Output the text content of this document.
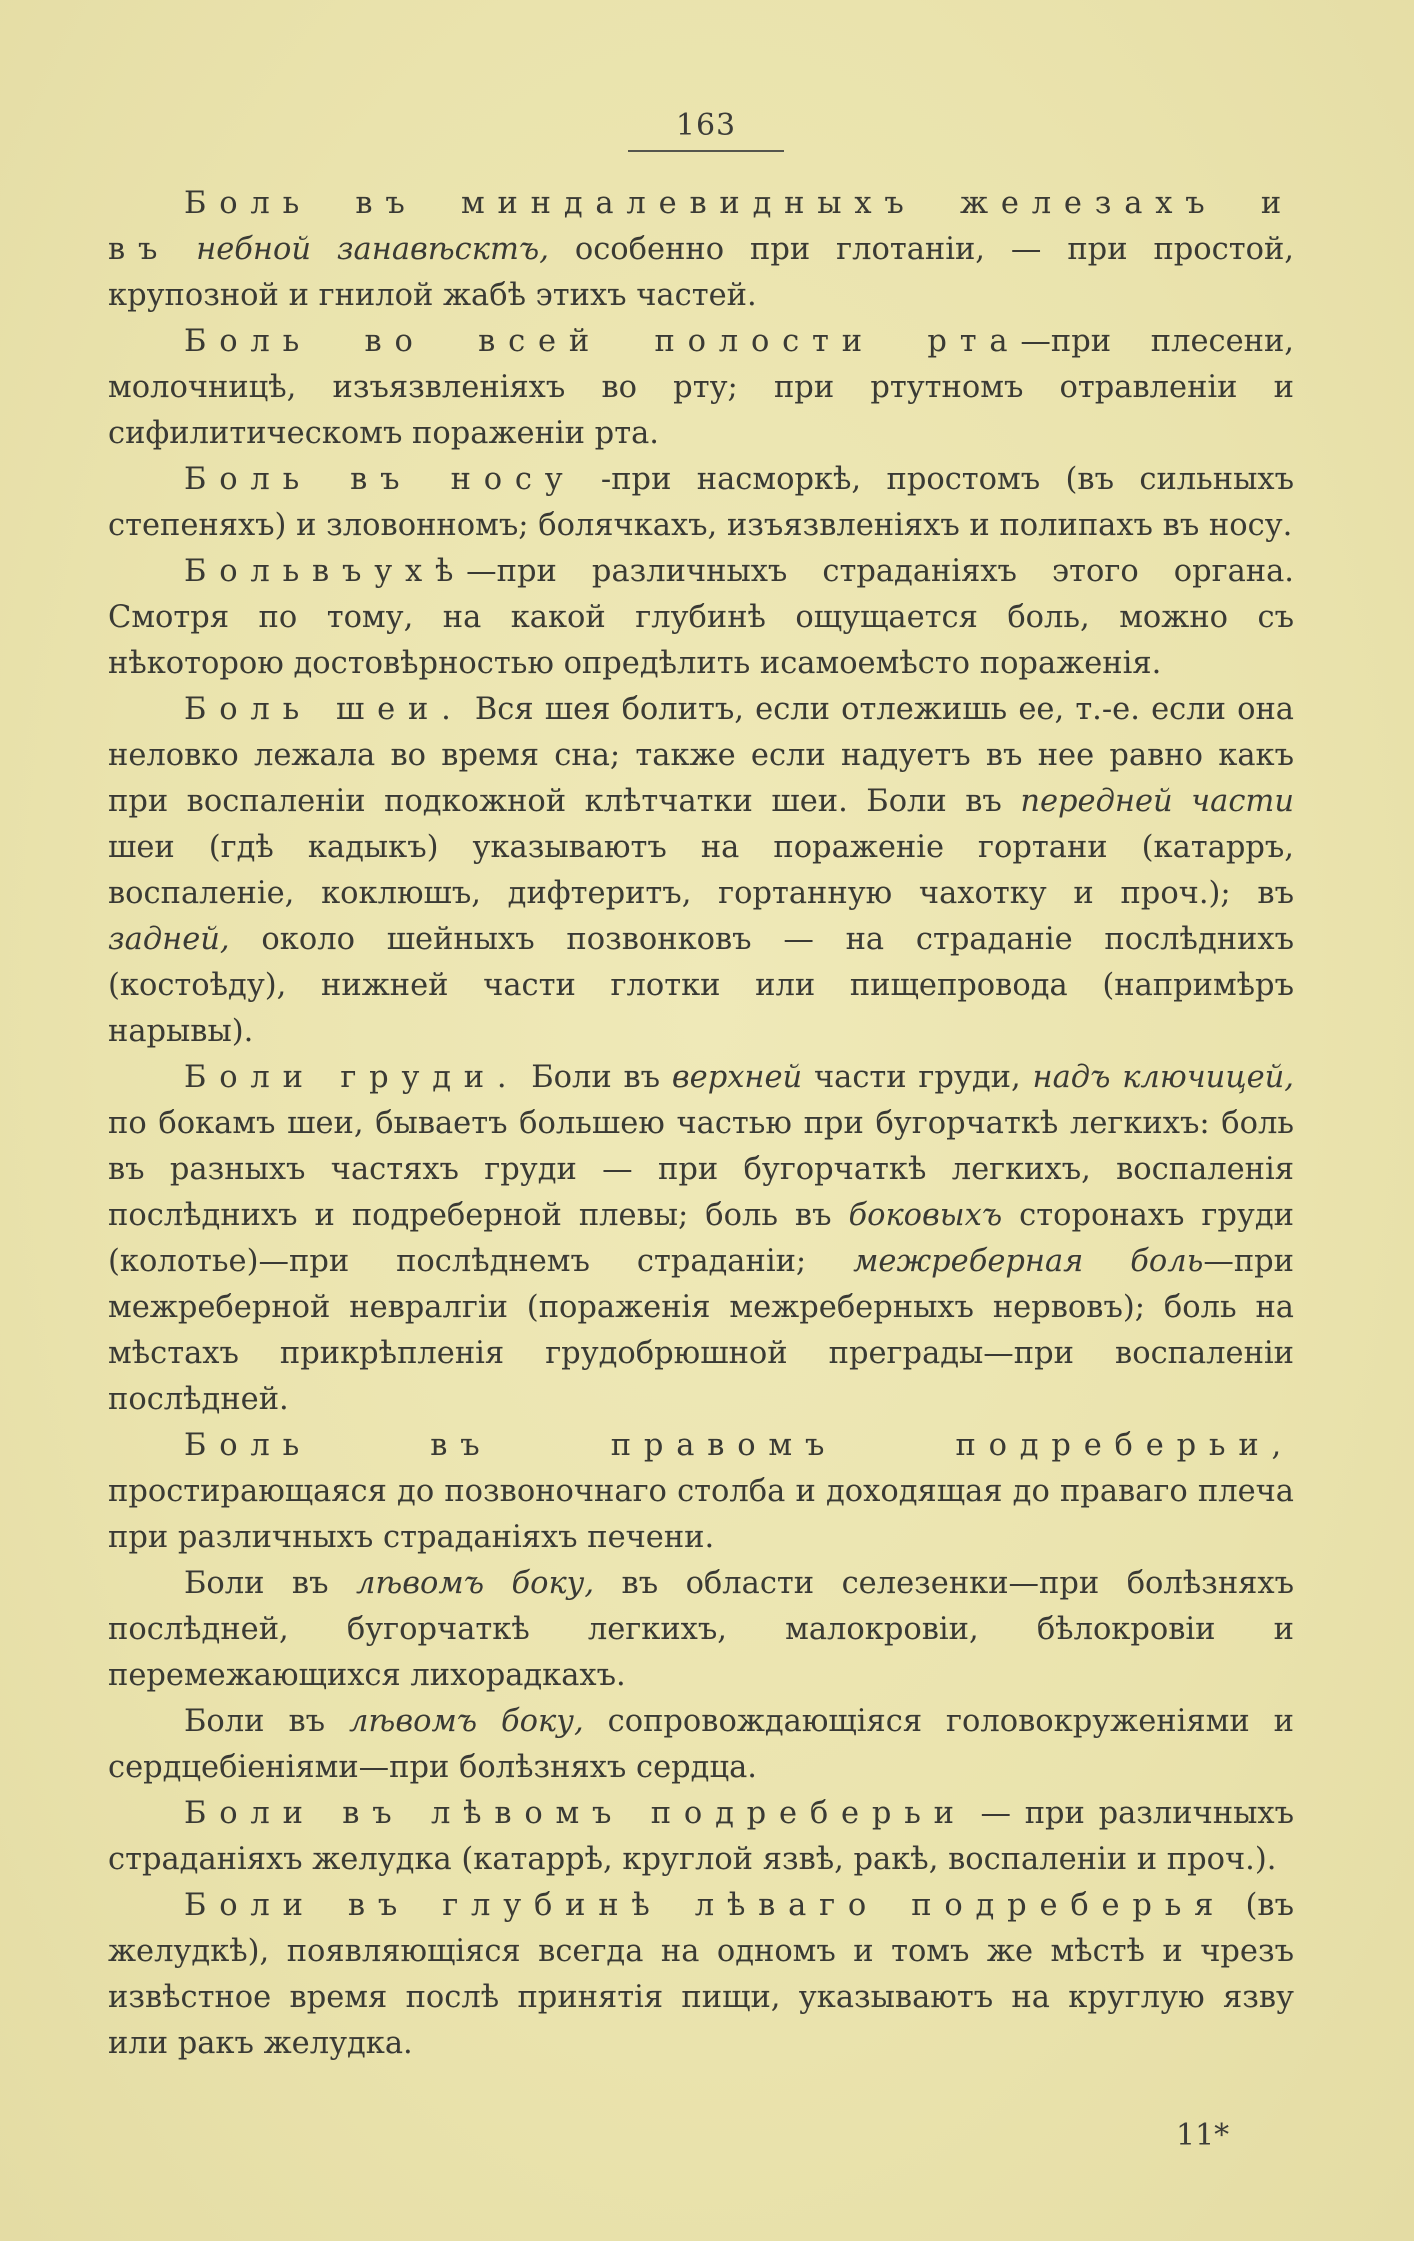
163

Боль въ миндалевидныхъ железахъ и въ небной занавѣсктъ, особенно при глотаніи, — при простой, крупозной и гнилой жабѣ этихъ частей.

Боль во всей полости рта—при плесени, молочницѣ, изъязвленіяхъ во рту; при ртутномъ отравленіи и сифилитическомъ пораженіи рта.

Боль въ носу -при насморкѣ, простомъ (въ сильныхъ степеняхъ) и зловонномъ; болячкахъ, изъязвленіяхъ и полипахъ въ носу.

Больвъухѣ—при различныхъ страданіяхъ этого органа. Смотря по тому, на какой глубинѣ ощущается боль, можно съ нѣкоторою достовѣрностью опредѣлить исамоемѣсто пораженія.

Боль шеи. Вся шея болитъ, если отлежишь ее, т.-е. если она неловко лежала во время сна; также если надуетъ въ нее равно какъ при воспаленіи подкожной клѣтчатки шеи. Боли въ передней части шеи (гдѣ кадыкъ) указываютъ на пораженіе гортани (катарръ, воспаленіе, коклюшъ, дифтеритъ, гортанную чахотку и проч.); въ задней, около шейныхъ позвонковъ — на страданіе послѣднихъ (костоѣду), нижней части глотки или пищепровода (напримѣръ нарывы).

Боли груди. Боли въ верхней части груди, надъ ключицей, по бокамъ шеи, бываетъ большею частью при бугорчаткѣ легкихъ: боль въ разныхъ частяхъ груди — при бугорчаткѣ легкихъ, воспаленія послѣднихъ и подреберной плевы; боль въ боковыхъ сторонахъ груди (колотье)—при послѣднемъ страданіи; межреберная боль—при межреберной невралгіи (пораженія межреберныхъ нервовъ); боль на мѣстахъ прикрѣпленія грудобрюшной преграды—при воспаленіи послѣдней.

Боль въ правомъ подреберьи, простирающаяся до позвоночнаго столба и доходящая до праваго плеча при различныхъ страданіяхъ печени.

Боли въ лѣвомъ боку, въ области селезенки—при болѣзняхъ послѣдней, бугорчаткѣ легкихъ, малокровіи, бѣлокровіи и перемежающихся лихорадкахъ.

Боли въ лѣвомъ боку, сопровождающіяся головокруженіями и сердцебіеніями—при болѣзняхъ сердца.

Боли въ лѣвомъ подреберьи — при различныхъ страданіяхъ желудка (катаррѣ, круглой язвѣ, ракѣ, воспаленіи и проч.).

Боли въ глубинѣ лѣваго подреберья (въ желудкѣ), появляющіяся всегда на одномъ и томъ же мѣстѣ и чрезъ извѣстное время послѣ принятія пищи, указываютъ на круглую язву или ракъ желудка.

11*
